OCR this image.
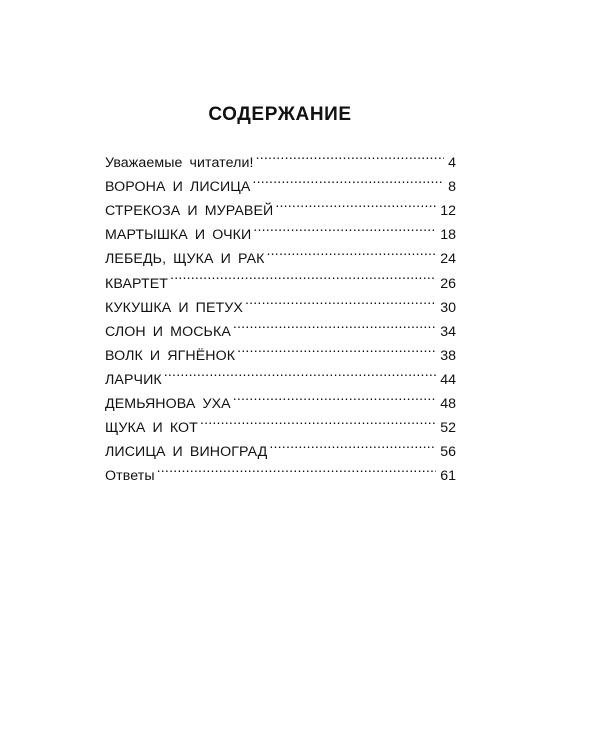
СОДЕРЖАНИЕ
Уважаемые читатели! .....	4
ВОРОНА И ЛИСИЦА .....	8
СТРЕКОЗА И МУРАВЕЙ .....	12
МАРТЫШКА И ОЧКИ .....	18
ЛЕБЕДЬ, ЩУКА И РАК .....	24
КВАРТЕТ .....	26
КУКУШКА И ПЕТУХ .....	30
СЛОН И МОСЬКА .....	34
ВОЛК И ЯГНЁНОК .....	38
ЛАРЧИК .....	44
ДЕМЬЯНОВА УХА .....	48
ЩУКА И КОТ .....	52
ЛИСИЦА И ВИНОГРАД .....	56
Ответы .....	61
